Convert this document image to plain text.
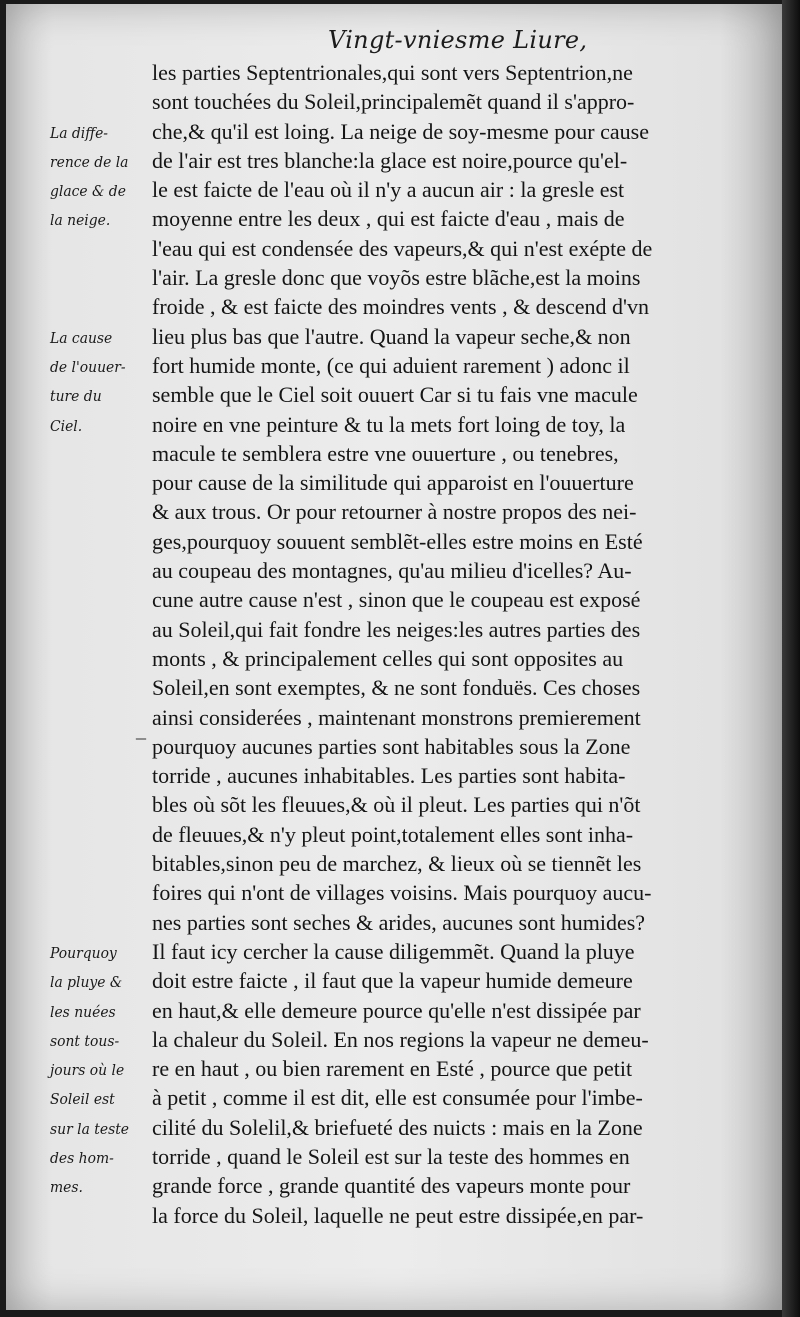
Vingt-vniesme Liure,
les parties Septentrionales,qui sont vers Septentrion,ne
sont touchées du Soleil,principalemẽt quand il s'appro-
che,& qu'il est loing. La neige de soy-mesme pour cause
de l'air est tres blanche:la glace est noire,pource qu'el-
le est faicte de l'eau où il n'y a aucun air : la gresle est
moyenne entre les deux , qui est faicte d'eau , mais de
l'eau qui est condensée des vapeurs,& qui n'est exépte de
l'air. La gresle donc que voyõs estre blãche,est la moins
froide , & est faicte des moindres vents , & descend d'vn
lieu plus bas que l'autre. Quand la vapeur seche,& non
fort humide monte, (ce qui aduient rarement ) adonc il
semble que le Ciel soit ouuert Car si tu fais vne macule
noire en vne peinture & tu la mets fort loing de toy, la
macule te semblera estre vne ouuerture , ou tenebres,
pour cause de la similitude qui apparoist en l'ouuerture
& aux trous. Or pour retourner à nostre propos des nei-
ges,pourquoy souuent semblẽt-elles estre moins en Esté
au coupeau des montagnes, qu'au milieu d'icelles? Au-
cune autre cause n'est , sinon que le coupeau est exposé
au Soleil,qui fait fondre les neiges:les autres parties des
monts , & principalement celles qui sont opposites au
Soleil,en sont exemptes, & ne sont fonduës. Ces choses
ainsi considerées , maintenant monstrons premierement
pourquoy aucunes parties sont habitables sous la Zone
torride , aucunes inhabitables. Les parties sont habita-
bles où sõt les fleuues,& où il pleut. Les parties qui n'õt
de fleuues,& n'y pleut point,totalement elles sont inha-
bitables,sinon peu de marchez, & lieux où se tiennẽt les
foires qui n'ont de villages voisins. Mais pourquoy aucu-
nes parties sont seches & arides, aucunes sont humides?
Il faut icy cercher la cause diligemmẽt. Quand la pluye
doit estre faicte , il faut que la vapeur humide demeure
en haut,& elle demeure pource qu'elle n'est dissipée par
la chaleur du Soleil. En nos regions la vapeur ne demeu-
re en haut , ou bien rarement en Esté , pource que petit
à petit , comme il est dit, elle est consumée pour l'imbe-
cilité du Solelil,& briefueté des nuicts : mais en la Zone
torride , quand le Soleil est sur la teste des hommes en
grande force , grande quantité des vapeurs monte pour
la force du Soleil, laquelle ne peut estre dissipée,en par-
La diffe-
rence de la
glace & de
la neige.
La cause
de l'ouuer-
ture du
Ciel.
Pourquoy
la pluye &
les nuées
sont tous-
jours où le
Soleil est
sur la teste
des hom-
mes.
_
